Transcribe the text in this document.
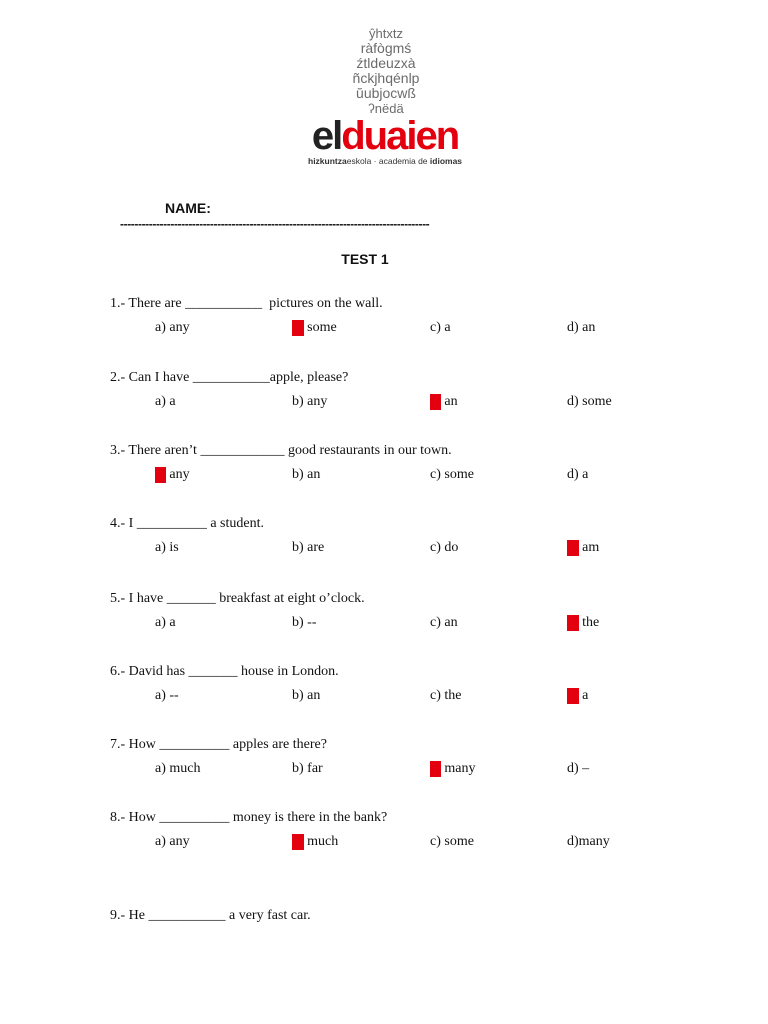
ŷhtxtz
ràfògmś
źtldeuzxà
ñckjhqénlp
ŭubjocwß
ʔnëdä
elduaien
hizkuntzaeskola · academia de idiomas
NAME:
--------------------------------------------------------------------------------------
TEST 1
1.- There are ___________  pictures on the wall.
a) any	b) some	c) a	d) an
2.- Can I have ___________apple, please?
a) a	b) any	c) an	d) some
3.- There aren’t ____________ good restaurants in our town.
a) any	b) an	c) some	d) a
4.- I __________ a student.
a) is	b) are	c) do	d) am
5.- I have _______ breakfast at eight o’clock.
a) a	b) --	c) an	d) the
6.- David has _______ house in London.
a) --	b) an	c) the	d) a
7.- How __________ apples are there?
a) much	b) far	c) many	d) –
8.- How __________ money is there in the bank?
a) any	b) much	c) some	d)many
9.- He ___________ a very fast car.
